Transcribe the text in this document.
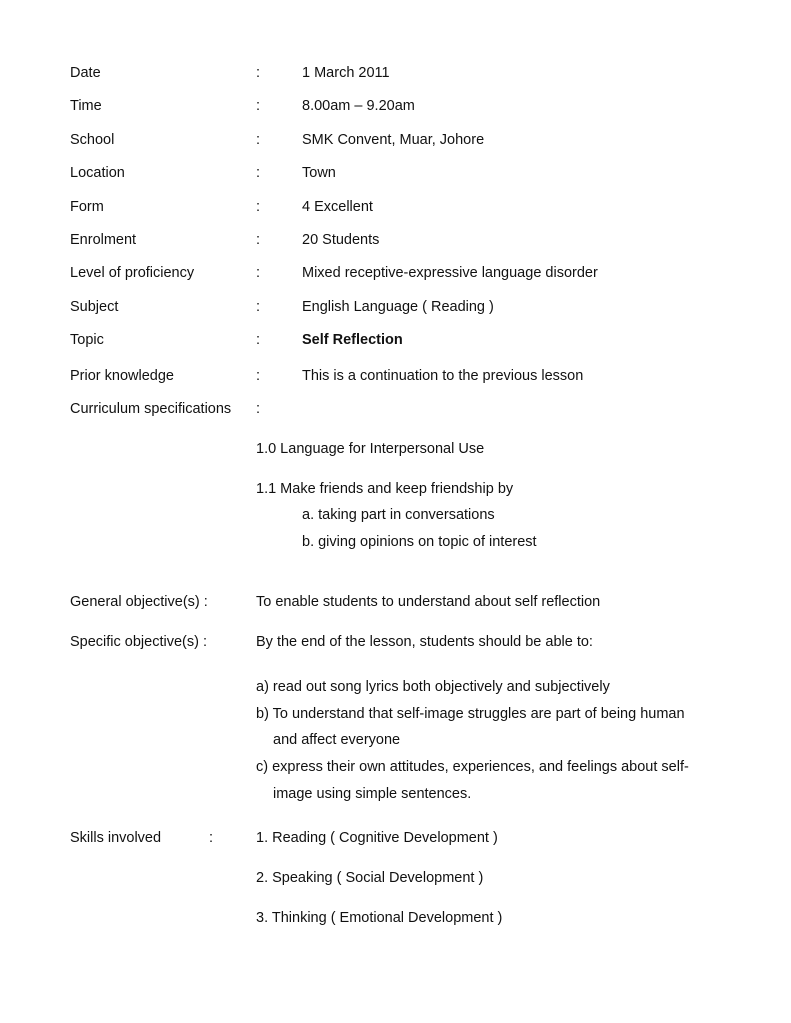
Date	:	1 March 2011
Time	:	8.00am – 9.20am
School	:	SMK Convent, Muar, Johore
Location	:	Town
Form	:	4 Excellent
Enrolment	:	20 Students
Level of proficiency	:	Mixed receptive-expressive language disorder
Subject	:	English Language ( Reading )
Topic	:	Self Reflection
Prior knowledge	:	This is a continuation to the previous lesson
Curriculum specifications :
1.0 Language for Interpersonal Use
1.1 Make friends and keep friendship by
a. taking part in conversations
b. giving opinions on topic of interest
General objective(s) :	To enable students to understand about self reflection
Specific objective(s) :	By the end of the lesson, students should be able to:
a) read out song lyrics both objectively and subjectively
b) To understand that self-image struggles are part of being human
and affect everyone
c) express their own attitudes, experiences, and feelings about self-
image using simple sentences.
Skills involved	:	1. Reading ( Cognitive Development )
2. Speaking ( Social Development )
3. Thinking ( Emotional Development )
